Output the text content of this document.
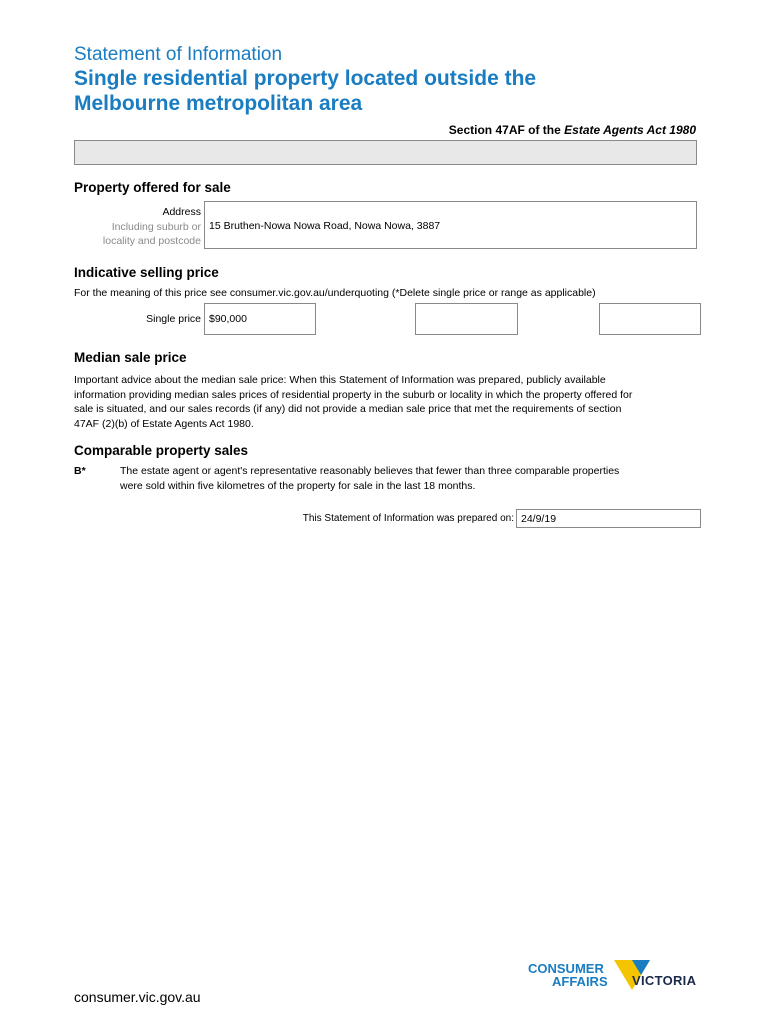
Statement of Information
Single residential property located outside the
Melbourne metropolitan area
Section 47AF of the Estate Agents Act 1980
Property offered for sale
Address
Including suburb or
locality and postcode
15 Bruthen-Nowa Nowa Road, Nowa Nowa, 3887
Indicative selling price
For the meaning of this price see consumer.vic.gov.au/underquoting (*Delete single price or range as applicable)
Single price $90,000
Median sale price
Important advice about the median sale price: When this Statement of Information was prepared, publicly available
information providing median sales prices of residential property in the suburb or locality in which the property offered for
sale is situated, and our sales records (if any) did not provide a median sale price that met the requirements of section
47AF (2)(b) of Estate Agents Act 1980.
Comparable property sales
B*	The estate agent or agent's representative reasonably believes that fewer than three comparable properties
were sold within five kilometres of the property for sale in the last 18 months.
This Statement of Information was prepared on: 24/9/19
consumer.vic.gov.au
CONSUMER
AFFAIRS VICTORIA
